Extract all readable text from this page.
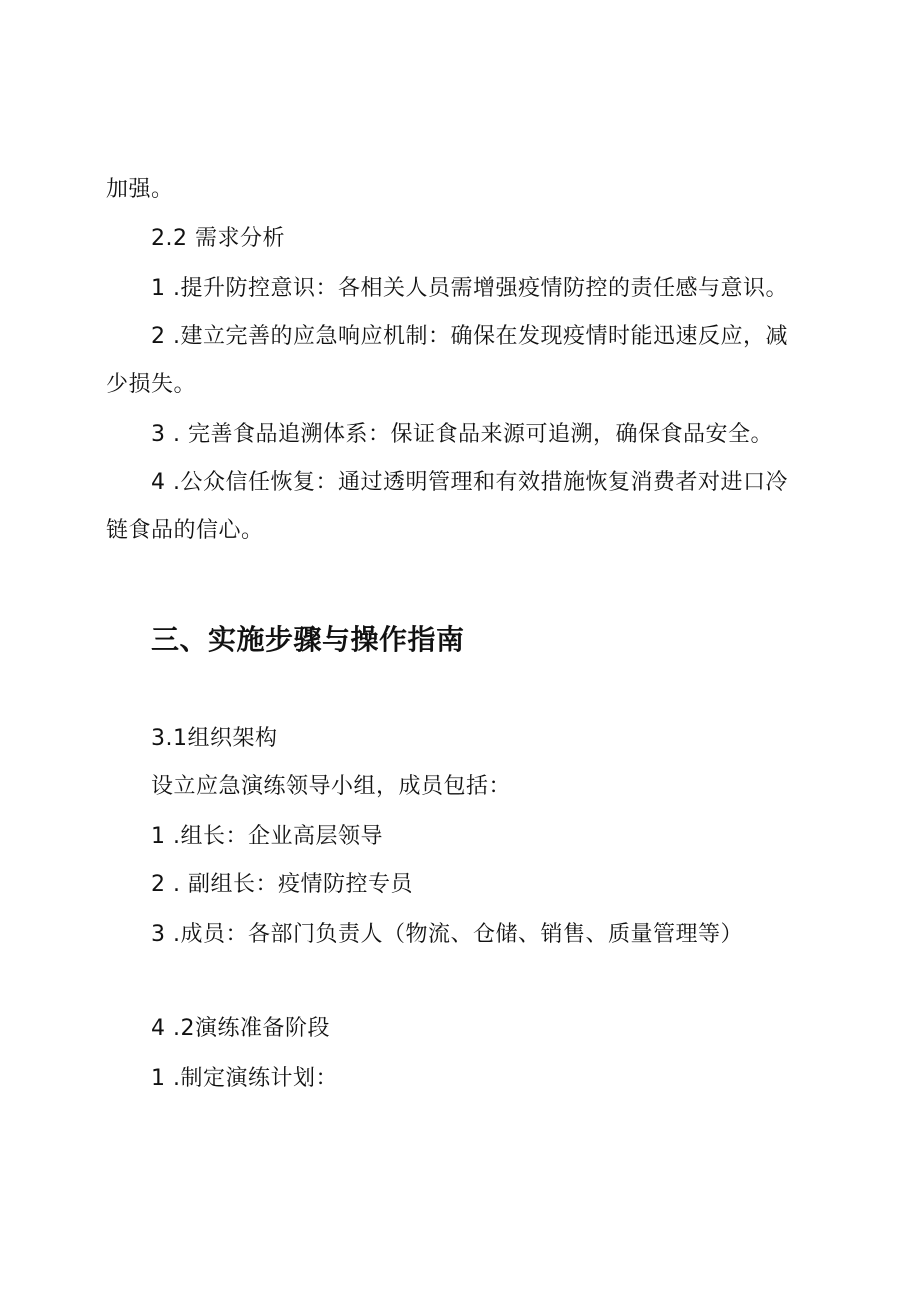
加强。
2.2 需求分析
1 .提升防控意识：各相关人员需增强疫情防控的责任感与意识。
2 .建立完善的应急响应机制：确保在发现疫情时能迅速反应，减
少损失。
3 . 完善食品追溯体系：保证食品来源可追溯，确保食品安全。
4 .公众信任恢复：通过透明管理和有效措施恢复消费者对进口冷
链食品的信心。
三、实施步骤与操作指南
3.1组织架构
设立应急演练领导小组，成员包括：
1 .组长：企业高层领导
2 . 副组长：疫情防控专员
3 .成员：各部门负责人（物流、仓储、销售、质量管理等）
4 .2演练准备阶段
1 .制定演练计划：
